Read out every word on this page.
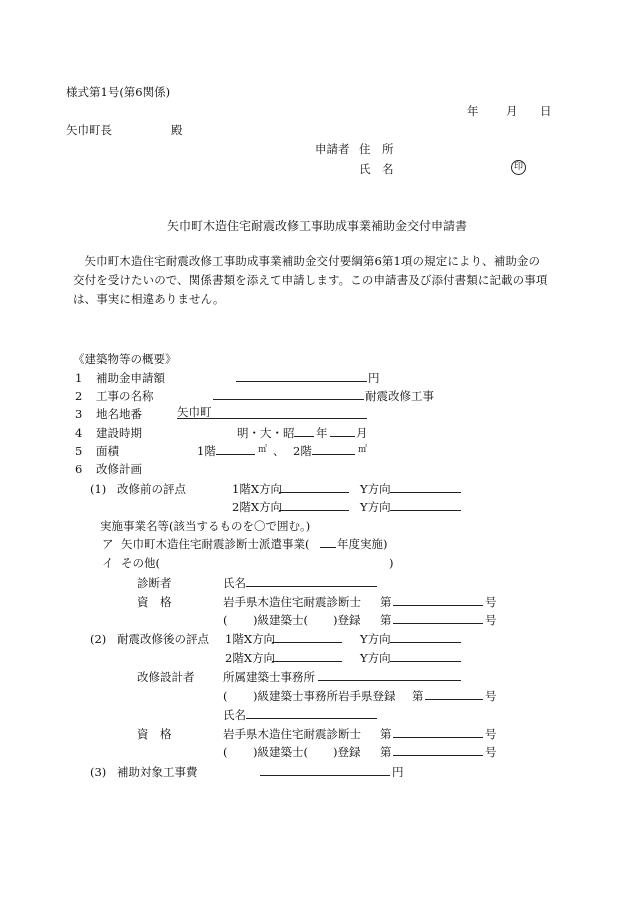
様式第1号(第6関係)
年 月 日
矢巾町長	殿
申請者 住　所
氏　名	印
矢巾町木造住宅耐震改修工事助成事業補助金交付申請書
矢巾町木造住宅耐震改修工事助成事業補助金交付要綱第6第1項の規定により、補助金の交付を受けたいので、関係書類を添えて申請します。この申請書及び添付書類に記載の事項は、事実に相違ありません。
《建築物等の概要》
1 補助金申請額	円
2 工事の名称	耐震改修工事
3 地名地番	矢巾町
4 建設時期	明・大・昭 年 月
5 面積	1階	㎡ 、 2階	㎡
6 改修計画
(1) 改修前の評点	1階X方向	Y方向
2階X方向	Y方向
実施事業名等(該当するものを〇で囲む。)
ア 矢巾町木造住宅耐震診断士派遣事業( 年度実施)
イ その他(	)
診断者	氏名
資　格	岩手県木造住宅耐震診断士 第	号
( )級建築士( )登録 第	号
(2) 耐震改修後の評点 1階X方向	Y方向
2階X方向	Y方向
改修設計者 所属建築士事務所
( )級建築士事務所岩手県登録 第	号
氏名
資　格	岩手県木造住宅耐震診断士 第	号
( )級建築士( )登録 第	号
(3) 補助対象工事費	円
